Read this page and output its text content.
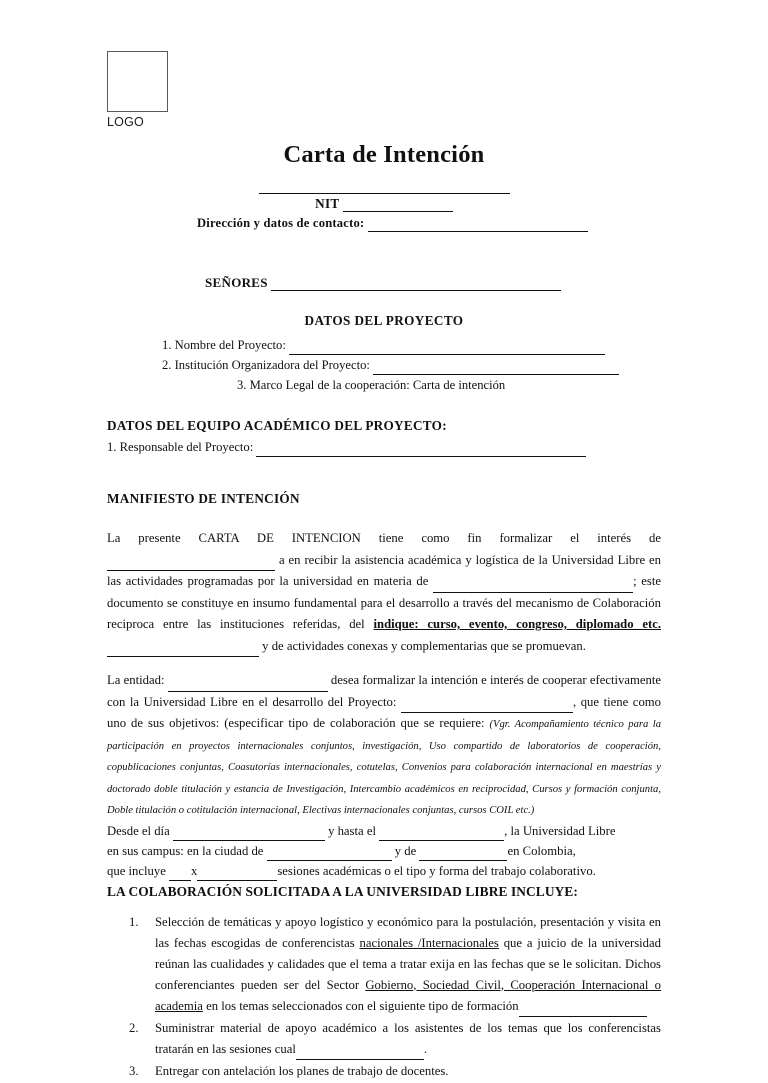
LOGO
Carta de Intención
NIT
Dirección y datos de contacto:
SEÑORES
DATOS DEL PROYECTO
1. Nombre del Proyecto:
2. Institución Organizadora del Proyecto:
3. Marco Legal de la cooperación: Carta de intención
DATOS DEL EQUIPO ACADÉMICO DEL PROYECTO:
1. Responsable del Proyecto:
MANIFIESTO DE INTENCIÓN

La presente CARTA DE INTENCION tiene como fin formalizar el interés de  a en recibir la asistencia académica y logística de la Universidad Libre en las actividades programadas por la universidad en materia de	; este documento se constituye en insumo fundamental para el desarrollo a través del mecanismo de Colaboración reciproca entre las instituciones referidas, del indique: curso, evento, congreso, diplomado etc. y de actividades conexas y complementarias que se promuevan.

La entidad:	desea formalizar la intención e interés de cooperar efectivamente con la Universidad Libre en el desarrollo del Proyecto:	, que tiene como uno de sus objetivos: (especificar tipo de colaboración que se requiere: (Vgr. Acompañamiento técnico para la participación en proyectos internacionales conjuntos, investigación, Uso compartido de laboratorios de cooperación, copublicaciones conjuntas, Coasutorías internacionales, cotutelas, Convenios para colaboración internacional en maestrías y doctorado doble titulación y estancia de Investigación, Intercambio académicos en reciprocidad, Cursos y formación conjunta, Doble titulación o cotitulación internacional, Electivas internacionales conjuntas, cursos COIL etc.)

Desde el día	y hasta el	, la Universidad Libre
en sus campus: en la ciudad de	y de	en Colombia,
que incluye x	sesiones académicas o el tipo y forma del trabajo colaborativo.
LA COLABORACIÓN SOLICITADA A LA UNIVERSIDAD LIBRE INCLUYE:
Selección de temáticas y apoyo logístico y económico para la postulación, presentación y visita en las fechas escogidas de conferencistas nacionales /Internacionales que a juicio de la universidad reúnan las cualidades y calidades que el tema a tratar exija en las fechas que se le solicitan. Dichos conferenciantes pueden ser del Sector Gobierno, Sociedad Civil, Cooperación Internacional o academia en los temas seleccionados con el siguiente tipo de formación
Suministrar material de apoyo académico a los asistentes de los temas que los conferencistas tratarán en las sesiones cual	.
Entregar con antelación los planes de trabajo de docentes.
